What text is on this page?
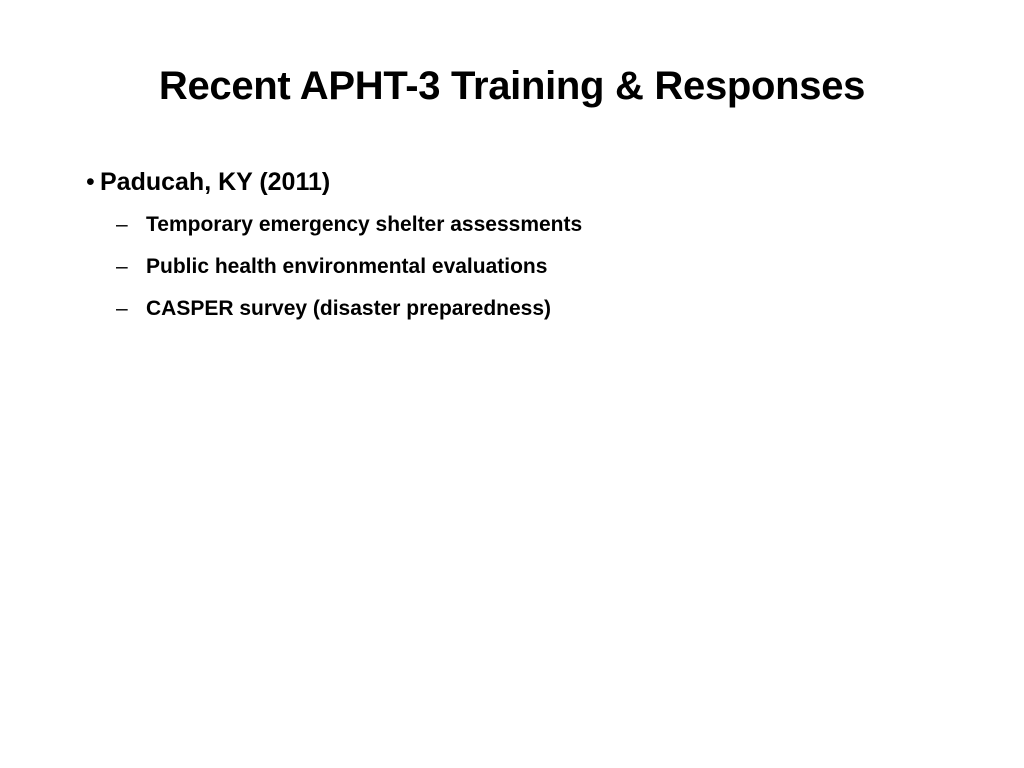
Recent APHT-3 Training & Responses
• Paducah, KY (2011)
– Temporary emergency shelter assessments
– Public health environmental evaluations
– CASPER survey (disaster preparedness)
